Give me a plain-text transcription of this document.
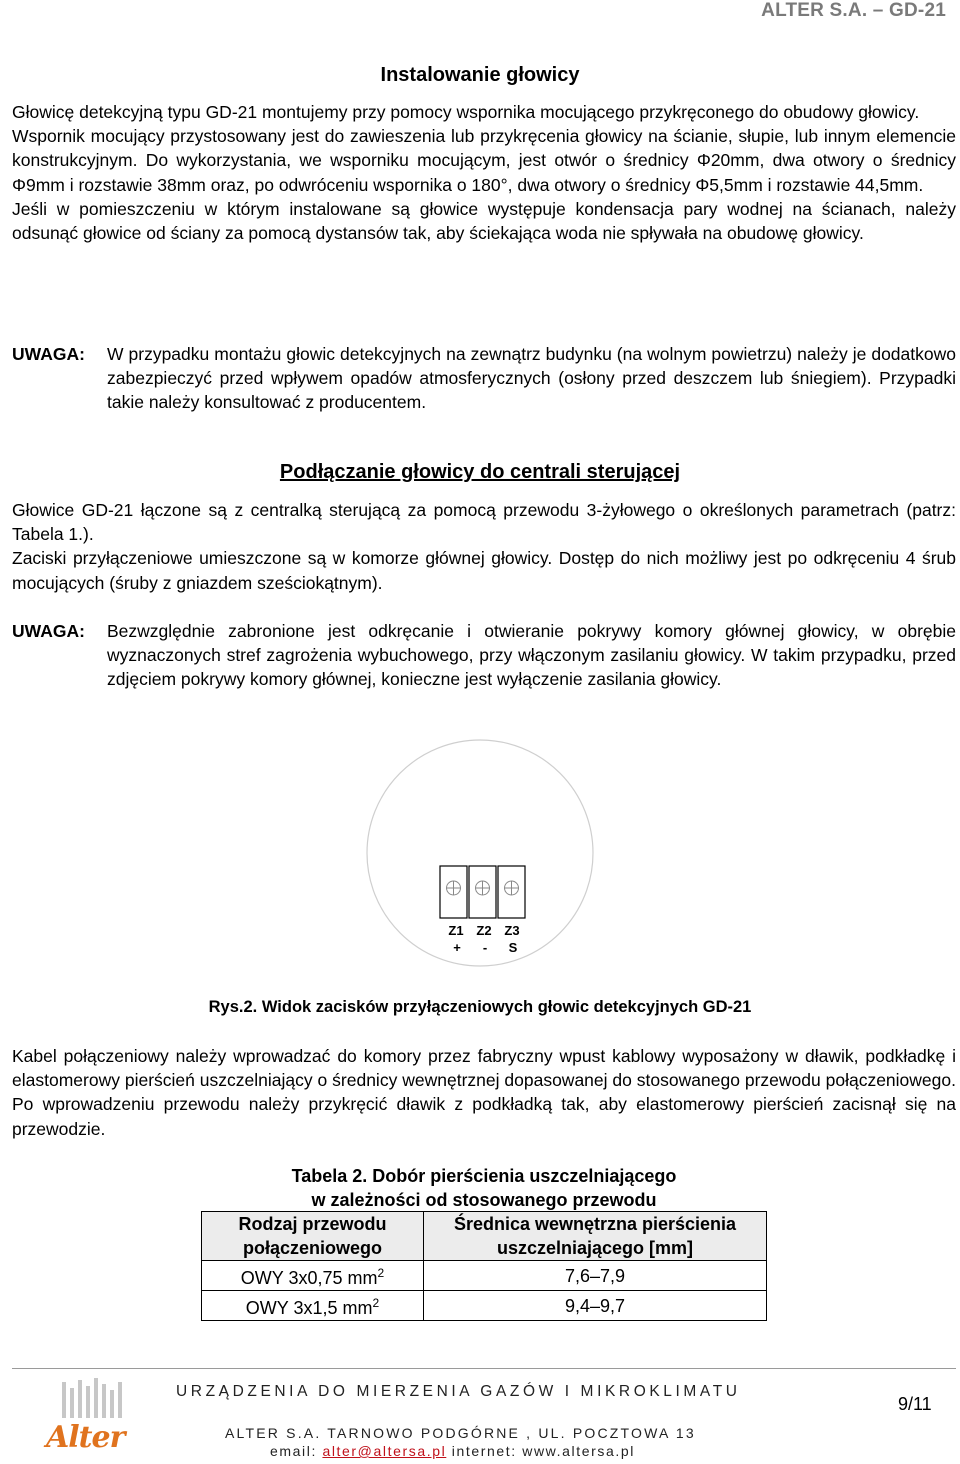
ALTER S.A. – GD-21
Instalowanie głowicy

Głowicę detekcyjną typu GD-21 montujemy przy pomocy wspornika mocującego przykręconego do obudowy głowicy.

Wspornik mocujący przystosowany jest do zawieszenia lub przykręcenia głowicy na ścianie, słupie, lub innym elemencie konstrukcyjnym. Do wykorzystania, we wsporniku mocującym, jest otwór o średnicy Φ20mm, dwa otwory o średnicy Φ9mm i rozstawie 38mm oraz, po odwróceniu wspornika o 180°, dwa otwory o średnicy Φ5,5mm i rozstawie 44,5mm.

Jeśli w pomieszczeniu w którym instalowane są głowice występuje kondensacja pary wodnej na ścianach, należy odsunąć głowice od ściany za pomocą dystansów tak, aby ściekająca woda nie spływała na obudowę głowicy.

UWAGA: W przypadku montażu głowic detekcyjnych na zewnątrz budynku (na wolnym powietrzu) należy je dodatkowo zabezpieczyć przed wpływem opadów atmosferycznych (osłony przed deszczem lub śniegiem). Przypadki takie należy konsultować z producentem.
Podłączanie głowicy do centrali sterującej

Głowice GD-21 łączone są z centralką sterującą za pomocą przewodu 3-żyłowego o określonych parametrach (patrz: Tabela 1.).

Zaciski przyłączeniowe umieszczone są w komorze głównej głowicy. Dostęp do nich możliwy jest po odkręceniu 4 śrub mocujących (śruby z gniazdem sześciokątnym).

UWAGA: Bezwzględnie zabronione jest odkręcanie i otwieranie pokrywy komory głównej głowicy, w obrębie wyznaczonych stref zagrożenia wybuchowego, przy włączonym zasilaniu głowicy. W takim przypadku, przed zdjęciem pokrywy komory głównej, konieczne jest wyłączenie zasilania głowicy.
Z1 Z2 Z3
+ - S
Rys.2. Widok zacisków przyłączeniowych głowic detekcyjnych GD-21
Kabel połączeniowy należy wprowadzać do komory przez fabryczny wpust kablowy wyposażony w dławik, podkładkę i elastomerowy pierścień uszczelniający o średnicy wewnętrznej dopasowanej do stosowanego przewodu połączeniowego. Po wprowadzeniu przewodu należy przykręcić dławik z podkładką tak, aby elastomerowy pierścień zacisnął się na przewodzie.
Tabela 2. Dobór pierścienia uszczelniającego
w zależności od stosowanego przewodu
Rodzaj przewodu połączeniowego	Średnica wewnętrzna pierścienia uszczelniającego [mm]
OWY 3x0,75 $mm^2$	7,6–7,9
OWY 3x1,5 $mm^2$	9,4–9,7
Alter
URZĄDZENIA DO MIERZENIA GAZÓW I MIKROKLIMATU
ALTER S.A. TARNOWO PODGÓRNE , UL. POCZTOWA 13
email: alter@altersa.pl internet: www.altersa.pl
9/11
